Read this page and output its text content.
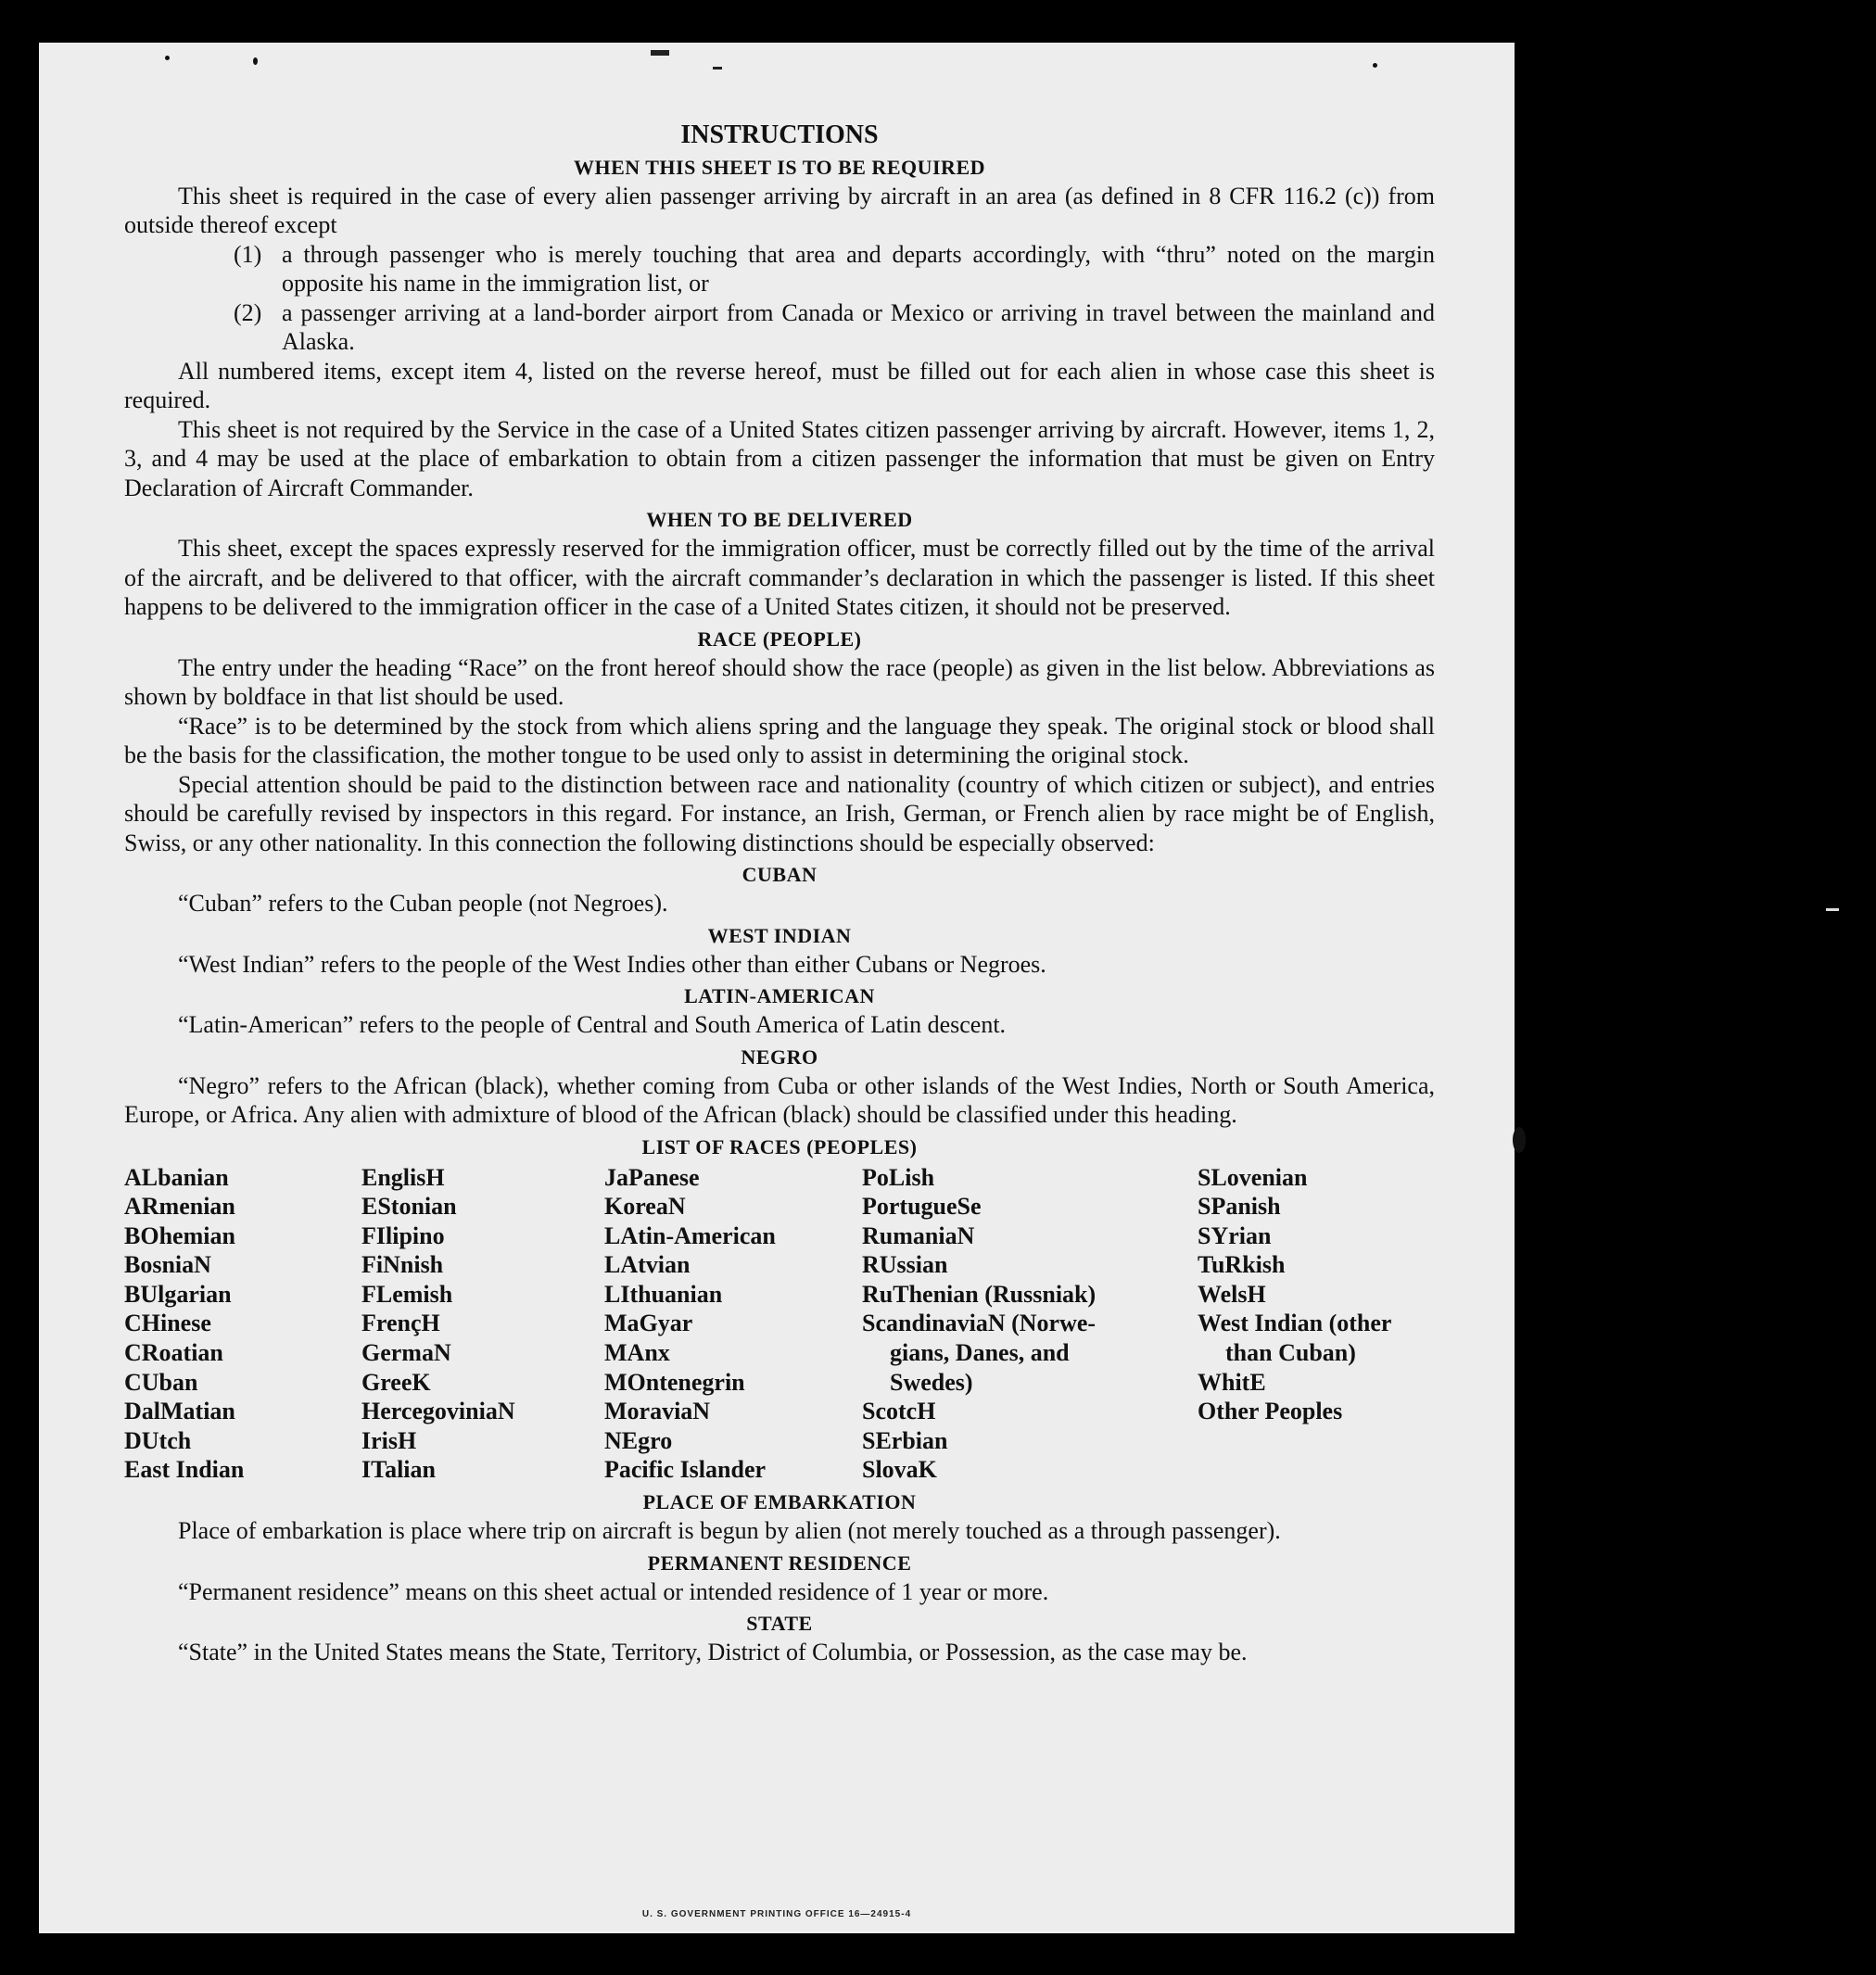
INSTRUCTIONS
WHEN THIS SHEET IS TO BE REQUIRED

This sheet is required in the case of every alien passenger arriving by aircraft in an area (as defined in 8 CFR 116.2 (c)) from outside thereof except

(1) a through passenger who is merely touching that area and departs accordingly, with “thru” noted on the margin opposite his name in the immigration list, or

(2) a passenger arriving at a land-border airport from Canada or Mexico or arriving in travel between the mainland and Alaska.

All numbered items, except item 4, listed on the reverse hereof, must be filled out for each alien in whose case this sheet is required.

This sheet is not required by the Service in the case of a United States citizen passenger arriving by aircraft. However, items 1, 2, 3, and 4 may be used at the place of embarkation to obtain from a citizen passenger the information that must be given on Entry Declaration of Aircraft Commander.

WHEN TO BE DELIVERED

This sheet, except the spaces expressly reserved for the immigration officer, must be correctly filled out by the time of the arrival of the aircraft, and be delivered to that officer, with the aircraft commander’s declaration in which the passenger is listed. If this sheet happens to be delivered to the immigration officer in the case of a United States citizen, it should not be preserved.

RACE (PEOPLE)

The entry under the heading “Race” on the front hereof should show the race (people) as given in the list below. Abbreviations as shown by boldface in that list should be used.

“Race” is to be determined by the stock from which aliens spring and the language they speak. The original stock or blood shall be the basis for the classification, the mother tongue to be used only to assist in determining the original stock.

Special attention should be paid to the distinction between race and nationality (country of which citizen or subject), and entries should be carefully revised by inspectors in this regard. For instance, an Irish, German, or French alien by race might be of English, Swiss, or any other nationality. In this connection the following distinctions should be especially observed:

CUBAN

“Cuban” refers to the Cuban people (not Negroes).

WEST INDIAN

“West Indian” refers to the people of the West Indies other than either Cubans or Negroes.

LATIN-AMERICAN

“Latin-American” refers to the people of Central and South America of Latin descent.

NEGRO

“Negro” refers to the African (black), whether coming from Cuba or other islands of the West Indies, North or South America, Europe, or Africa. Any alien with admixture of blood of the African (black) should be classified under this heading.

LIST OF RACES (PEOPLES)
ALbanian
ARmenian
BOhemian
BosniaN
BUlgarian
CHinese
CRoatian
CUban
DalMatian
DUtch
East Indian
EnglisH
EStonian
FIlipino
FiNnish
FLemish
FrençH
GermaN
GreeK
HercegoviniaN
IrisH
ITalian
JaPanese
KoreaN
LAtin-American
LAtvian
LIthuanian
MaGyar
MAnx
MOntenegrin
MoraviaN
NEgro
Pacific Islander
PoLish
PortugueSe
RumaniaN
RUssian
RuThenian (Russniak)
ScandinaviaN (Norwe-
gians, Danes, and
Swedes)
ScotcH
SErbian
SlovaK
SLovenian
SPanish
SYrian
TuRkish
WelsH
West Indian (other
than Cuban)
WhitE
Other Peoples
PLACE OF EMBARKATION

Place of embarkation is place where trip on aircraft is begun by alien (not merely touched as a through passenger).

PERMANENT RESIDENCE

“Permanent residence” means on this sheet actual or intended residence of 1 year or more.

STATE

“State” in the United States means the State, Territory, District of Columbia, or Possession, as the case may be.

U. S. GOVERNMENT PRINTING OFFICE 16—24915-4
